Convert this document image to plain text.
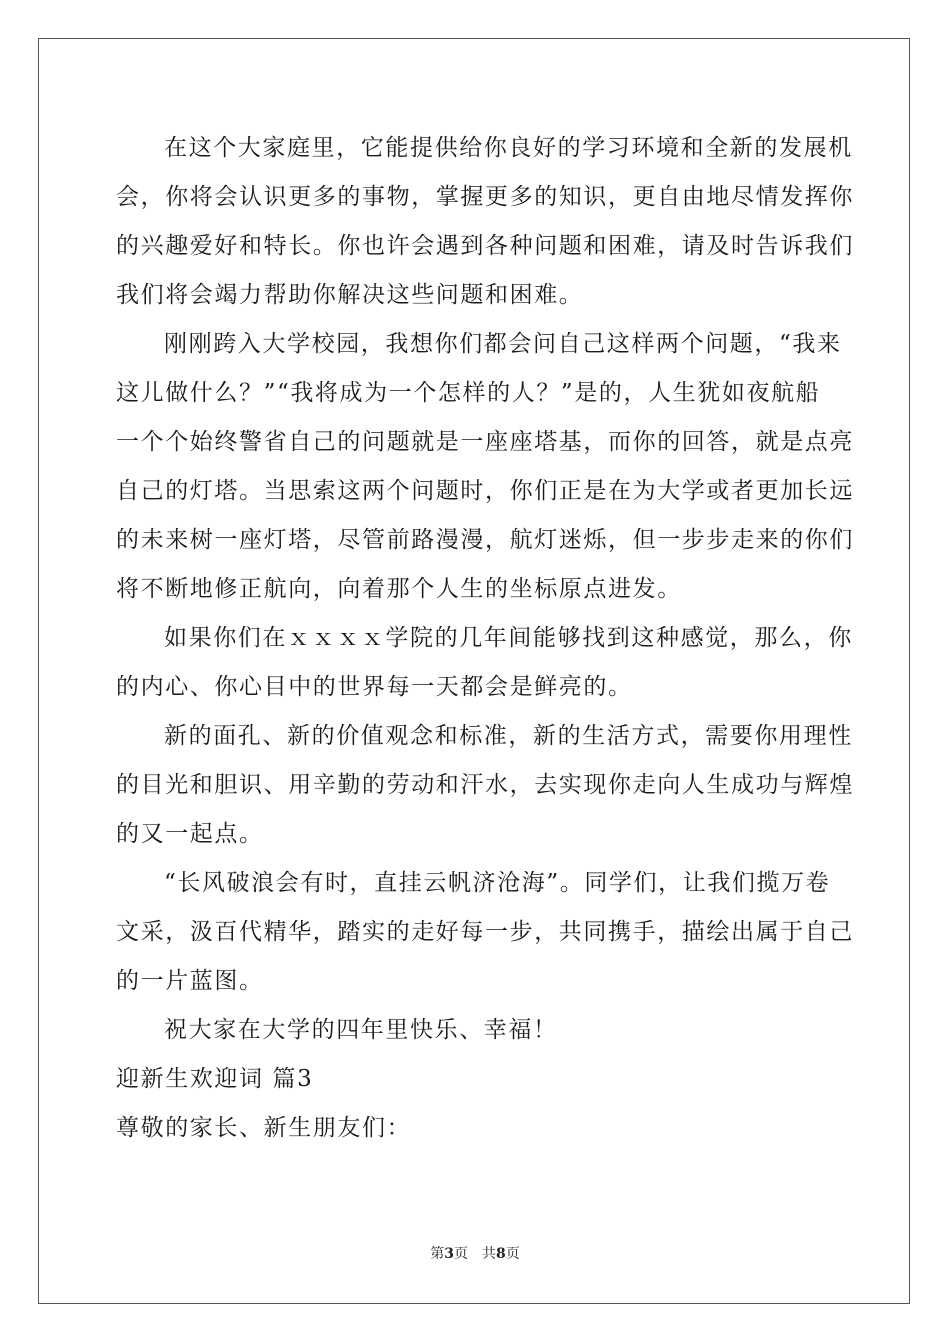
在这个大家庭里，它能提供给你良好的学习环境和全新的发展机
会，你将会认识更多的事物，掌握更多的知识，更自由地尽情发挥你
的兴趣爱好和特长。你也许会遇到各种问题和困难，请及时告诉我们
我们将会竭力帮助你解决这些问题和困难。

刚刚跨入大学校园，我想你们都会问自己这样两个问题，“我来
这儿做什么？”“我将成为一个怎样的人？”是的，人生犹如夜航船
一个个始终警省自己的问题就是一座座塔基，而你的回答，就是点亮
自己的灯塔。当思索这两个问题时，你们正是在为大学或者更加长远
的未来树一座灯塔，尽管前路漫漫，航灯迷烁，但一步步走来的你们
将不断地修正航向，向着那个人生的坐标原点进发。

如果你们在ｘｘｘｘ学院的几年间能够找到这种感觉，那么，你
的内心、你心目中的世界每一天都会是鲜亮的。

新的面孔、新的价值观念和标准，新的生活方式，需要你用理性
的目光和胆识、用辛勤的劳动和汗水，去实现你走向人生成功与辉煌
的又一起点。

“长风破浪会有时，直挂云帆济沧海”。同学们，让我们揽万卷
文采，汲百代精华，踏实的走好每一步，共同携手，描绘出属于自己
的一片蓝图。

祝大家在大学的四年里快乐、幸福！

迎新生欢迎词 篇3

尊敬的家长、新生朋友们：

第3页　共8页
